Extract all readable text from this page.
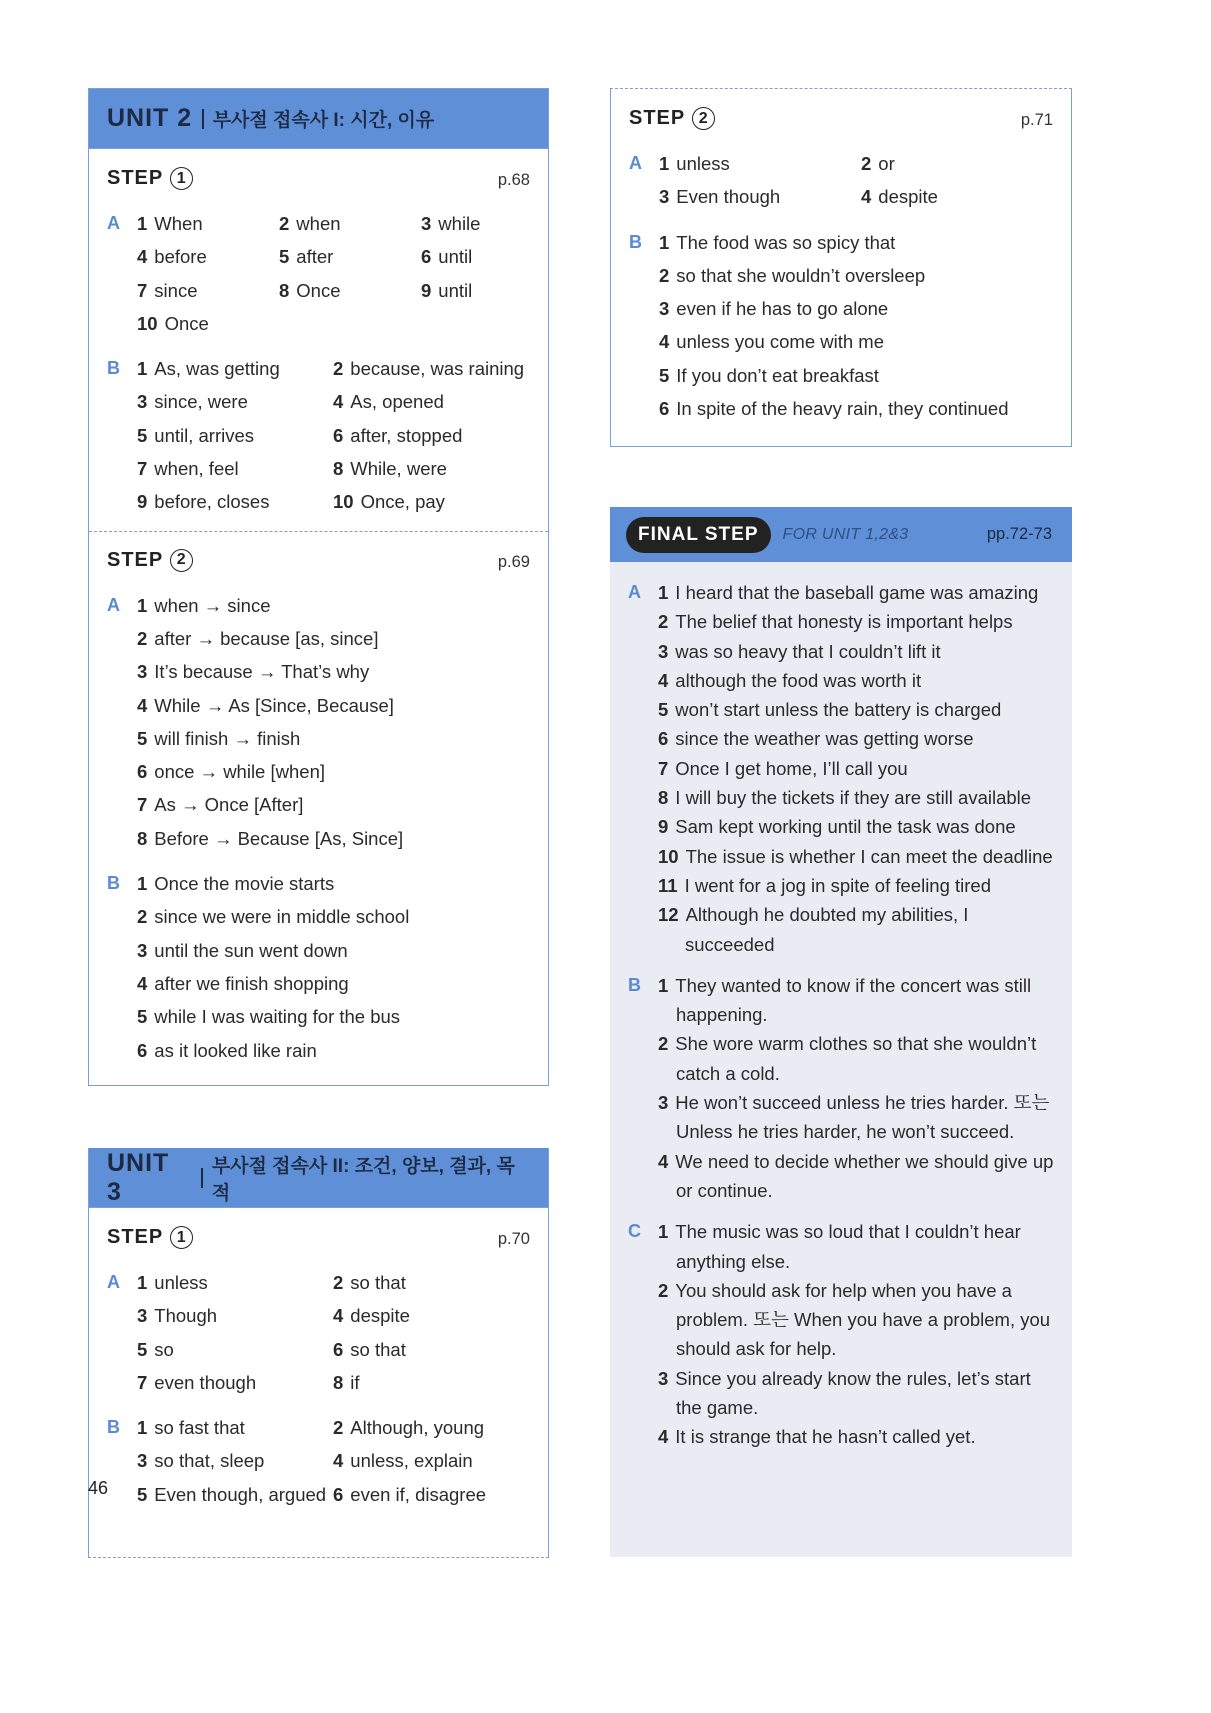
UNIT 2 부사절 접속사 I: 시간, 이유
STEP 1	p.68
A 1 When	2 when	3 while
4 before	5 after	6 until
7 since	8 Once	9 until
10 Once
B 1 As, was getting	2 because, was raining
3 since, were	4 As, opened
5 until, arrives	6 after, stopped
7 when, feel	8 While, were
9 before, closes	10 Once, pay
STEP 2	p.69
A 1 when → since
2 after → because [as, since]
3 It’s because → That’s why
4 While → As [Since, Because]
5 will finish → finish
6 once → while [when]
7 As → Once [After]
8 Before → Because [As, Since]
B 1 Once the movie starts
2 since we were in middle school
3 until the sun went down
4 after we finish shopping
5 while I was waiting for the bus
6 as it looked like rain
UNIT 3
부사절 접속사 II: 조건, 양보, 결과, 목적
STEP 1	p.70
A 1 unless	2 so that
3 Though	4 despite
5 so	6 so that
7 even though	8 if
B 1 so fast that	2 Although, young
3 so that, sleep	4 unless, explain
5 Even though, argued 6 even if, disagree
STEP 2	p.71
A 1 unless	2 or
3 Even though	4 despite
B 1 The food was so spicy that
2 so that she wouldn’t oversleep
3 even if he has to go alone
4 unless you come with me
5 If you don’t eat breakfast
6 In spite of the heavy rain, they continued
FINAL STEP	FOR UNIT 1,2&3	pp.72-73
A 1 I heard that the baseball game was amazing
2 The belief that honesty is important helps
3 was so heavy that I couldn’t lift it
4 although the food was worth it
5 won’t start unless the battery is charged
6 since the weather was getting worse
7 Once I get home, I’ll call you
8 I will buy the tickets if they are still available
9 Sam kept working until the task was done
10 The issue is whether I can meet the deadline
11 I went for a jog in spite of feeling tired
12 Although he doubted my abilities, I succeeded
B 1 They wanted to know if the concert was still happening.
2 She wore warm clothes so that she wouldn’t catch a cold.
3 He won’t succeed unless he tries harder. 또는 Unless he tries harder, he won’t succeed.
4 We need to decide whether we should give up or continue.
C 1 The music was so loud that I couldn’t hear anything else.
2 You should ask for help when you have a problem. 또는 When you have a problem, you should ask for help.
3 Since you already know the rules, let’s start the game.
4 It is strange that he hasn’t called yet.
46
